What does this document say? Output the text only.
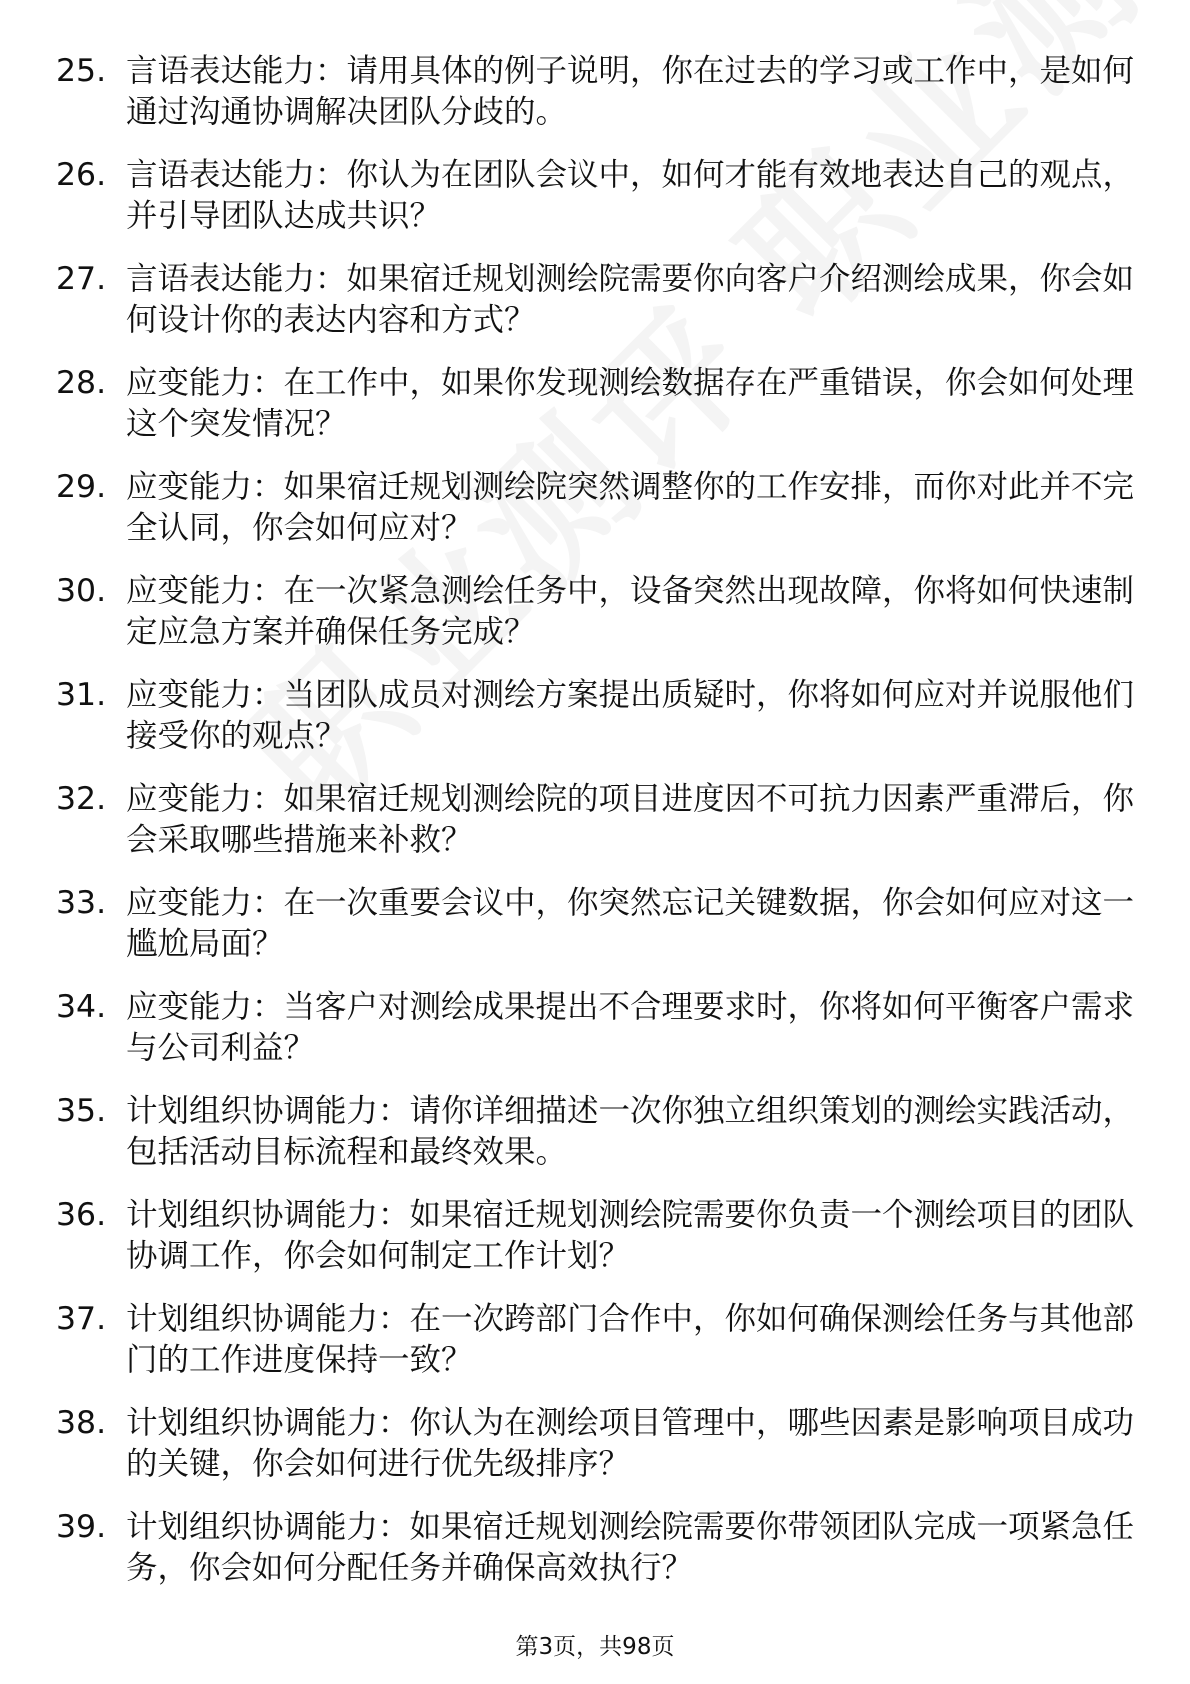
25. 言语表达能力：请用具体的例子说明，你在过去的学习或工作中，是如何通过沟通协调解决团队分歧的。
26. 言语表达能力：你认为在团队会议中，如何才能有效地表达自己的观点，并引导团队达成共识？
27. 言语表达能力：如果宿迁规划测绘院需要你向客户介绍测绘成果，你会如何设计你的表达内容和方式？
28. 应变能力：在工作中，如果你发现测绘数据存在严重错误，你会如何处理这个突发情况？
29. 应变能力：如果宿迁规划测绘院突然调整你的工作安排，而你对此并不完全认同，你会如何应对？
30. 应变能力：在一次紧急测绘任务中，设备突然出现故障，你将如何快速制定应急方案并确保任务完成？
31. 应变能力：当团队成员对测绘方案提出质疑时，你将如何应对并说服他们接受你的观点？
32. 应变能力：如果宿迁规划测绘院的项目进度因不可抗力因素严重滞后，你会采取哪些措施来补救？
33. 应变能力：在一次重要会议中，你突然忘记关键数据，你会如何应对这一尴尬局面？
34. 应变能力：当客户对测绘成果提出不合理要求时，你将如何平衡客户需求与公司利益？
35. 计划组织协调能力：请你详细描述一次你独立组织策划的测绘实践活动，包括活动目标流程和最终效果。
36. 计划组织协调能力：如果宿迁规划测绘院需要你负责一个测绘项目的团队协调工作，你会如何制定工作计划？
37. 计划组织协调能力：在一次跨部门合作中，你如何确保测绘任务与其他部门的工作进度保持一致？
38. 计划组织协调能力：你认为在测绘项目管理中，哪些因素是影响项目成功的关键，你会如何进行优先级排序？
39. 计划组织协调能力：如果宿迁规划测绘院需要你带领团队完成一项紧急任务，你会如何分配任务并确保高效执行？
第3页，共98页
